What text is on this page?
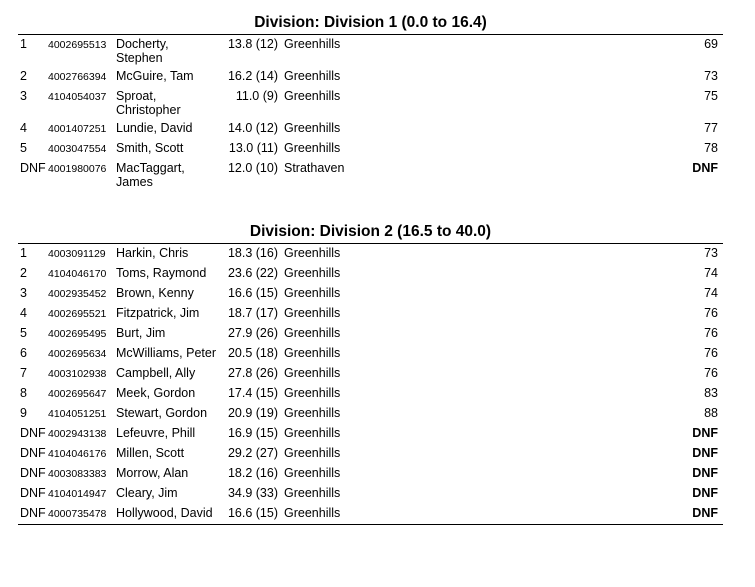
Division: Division 1 (0.0 to 16.4)
1 4002695513 Docherty, Stephen
13.8 (12) Greenhills	69
2 4002766394 McGuire, Tam	16.2 (14) Greenhills	73
3 4104054037 Sproat, Christopher
11.0 (9) Greenhills	75
4 4001407251 Lundie, David	14.0 (12) Greenhills	77
5 4003047554 Smith, Scott	13.0 (11) Greenhills	78
DNF 4001980076 MacTaggart, James
12.0 (10) Strathaven	DNF
Division: Division 2 (16.5 to 40.0)
1 4003091129 Harkin, Chris	18.3 (16) Greenhills	73
2 4104046170 Toms, Raymond	23.6 (22) Greenhills	74
3 4002935452 Brown, Kenny	16.6 (15) Greenhills	74
4 4002695521 Fitzpatrick, Jim	18.7 (17) Greenhills	76
5 4002695495 Burt, Jim	27.9 (26) Greenhills	76
6 4002695634 McWilliams, Peter 20.5 (18) Greenhills	76
7 4003102938 Campbell, Ally	27.8 (26) Greenhills	76
8 4002695647 Meek, Gordon	17.4 (15) Greenhills	83
9 4104051251 Stewart, Gordon	20.9 (19) Greenhills	88
DNF 4002943138 Lefeuvre, Phill	16.9 (15) Greenhills	DNF
DNF 4104046176 Millen, Scott	29.2 (27) Greenhills	DNF
DNF 4003083383 Morrow, Alan	18.2 (16) Greenhills	DNF
DNF 4104014947 Cleary, Jim	34.9 (33) Greenhills	DNF
DNF 4000735478 Hollywood, David	16.6 (15) Greenhills	DNF
